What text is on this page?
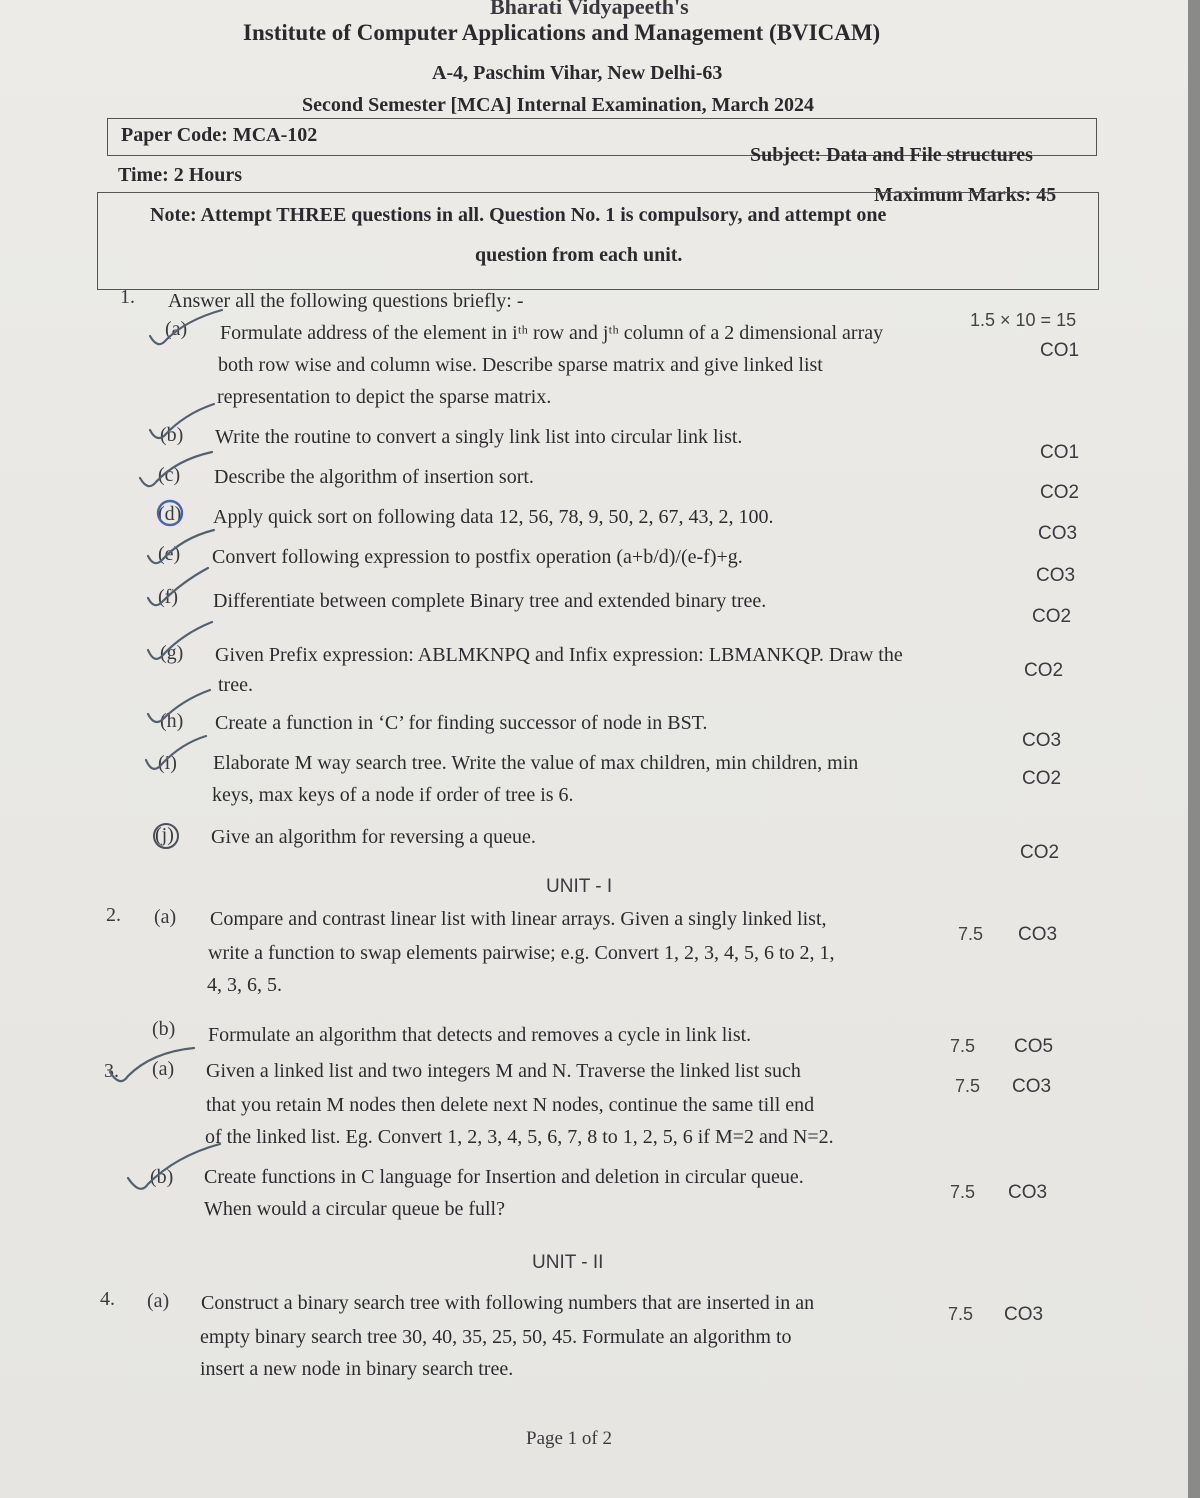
Bharati Vidyapeeth's
Institute of Computer Applications and Management (BVICAM)
A-4, Paschim Vihar, New Delhi-63
Second Semester [MCA] Internal Examination, March 2024
Paper Code: MCA-102
Subject: Data and File structures
Time: 2 Hours
Maximum Marks: 45
Note: Attempt THREE questions in all. Question No. 1 is compulsory, and attempt one
question from each unit.
1. Answer all the following questions briefly: -
1.5 × 10 = 15
(a) Formulate address of the element in iᵗʰ row and jᵗʰ column of a 2 dimensional array
both row wise and column wise. Describe sparse matrix and give linked list
representation to depict the sparse matrix.
CO1
(b) Write the routine to convert a singly link list into circular link list.
CO1
(c) Describe the algorithm of insertion sort.
CO2
(d) Apply quick sort on following data 12, 56, 78, 9, 50, 2, 67, 43, 2, 100.
CO3
(e) Convert following expression to postfix operation (a+b/d)/(e-f)+g.
CO3
(f) Differentiate between complete Binary tree and extended binary tree.
CO2
(g) Given Prefix expression: ABLMKNPQ and Infix expression: LBMANKQP. Draw the
tree.
CO2
(h) Create a function in ‘C’ for finding successor of node in BST.
CO3
(i) Elaborate M way search tree. Write the value of max children, min children, min
keys, max keys of a node if order of tree is 6.
CO2
(j) Give an algorithm for reversing a queue.
CO2
UNIT - I
2. (a) Compare and contrast linear list with linear arrays. Given a singly linked list,
write a function to swap elements pairwise; e.g. Convert 1, 2, 3, 4, 5, 6 to 2, 1,
4, 3, 6, 5.
7.5 CO3
(b) Formulate an algorithm that detects and removes a cycle in link list.	7.5 CO5
3. (a) Given a linked list and two integers M and N. Traverse the linked list such
that you retain M nodes then delete next N nodes, continue the same till end
of the linked list. Eg. Convert 1, 2, 3, 4, 5, 6, 7, 8 to 1, 2, 5, 6 if M=2 and N=2.
7.5 CO3
(b) Create functions in C language for Insertion and deletion in circular queue.
When would a circular queue be full?
7.5 CO3
UNIT - II
4. (a) Construct a binary search tree with following numbers that are inserted in an
empty binary search tree 30, 40, 35, 25, 50, 45. Formulate an algorithm to
insert a new node in binary search tree.
7.5 CO3
Page 1 of 2
